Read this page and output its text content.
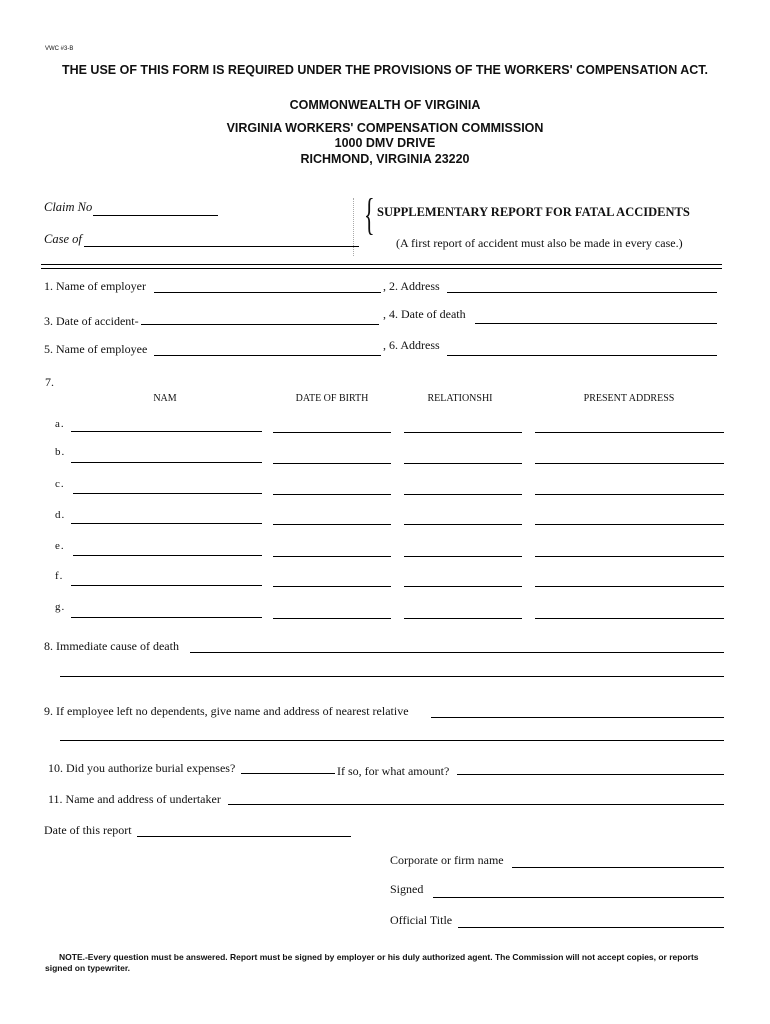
VWC #3-B
THE USE OF THIS FORM IS REQUIRED UNDER THE PROVISIONS OF THE WORKERS' COMPENSATION ACT.
COMMONWEALTH OF VIRGINIA
VIRGINIA WORKERS' COMPENSATION COMMISSION
1000 DMV DRIVE
RICHMOND, VIRGINIA 23220
Claim No
Case of	{ SUPPLEMENTARY REPORT FOR FATAL ACCIDENTS
(A first report of accident must also be made in every case.)
1. Name of employer	, 2. Address
3. Date of accident-	, 4. Date of death
5. Name of employee	, 6. Address
7.
NAM	DATE OF BIRTH	RELATIONSHI	PRESENT ADDRESS
a.
b.
c.
d.
e.
f.
g.
8. Immediate cause of death
9. If employee left no dependents, give name and address of nearest relative
10. Did you authorize burial expenses?	If so, for what amount?
11. Name and address of undertaker
Date of this report
Corporate or firm name
Signed
Official Title
NOTE.-Every question must be answered. Report must be signed by employer or his duly authorized agent. The Commission will not accept copies, or reports signed on typewriter.
